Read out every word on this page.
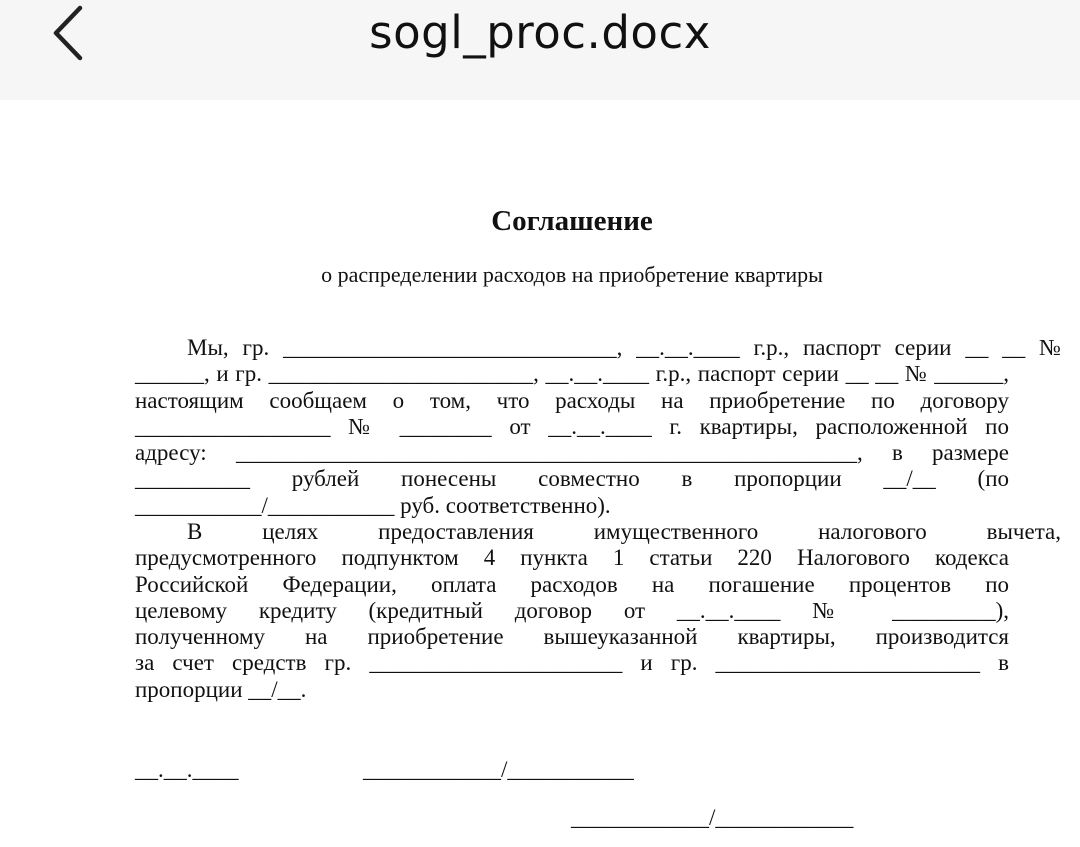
sogl_proc.docx
Соглашение
о распределении расходов на приобретение квартиры
Мы, гр. _____________________________, __.__.____ г.р., паспорт серии __ __ №
______, и гр. _______________________, __.__.____ г.р., паспорт серии __ __ № ______,
настоящим сообщаем о том, что расходы на приобретение по договору
_________________ № ________ от __.__.____ г. квартиры, расположенной по
адресу: ______________________________________________________, в размере
__________ рублей понесены совместно в пропорции __/__ (по
___________/___________ руб. соответственно).
В целях предоставления имущественного налогового вычета,
предусмотренного подпунктом 4 пункта 1 статьи 220 Налогового кодекса
Российской Федерации, оплата расходов на погашение процентов по
целевому кредиту (кредитный договор от __.__.____ № _________),
полученному на приобретение вышеуказанной квартиры, производится
за счет средств гр. ______________________ и гр. _______________________ в
пропорции __/__.
__.__.____	____________/___________
____________/____________
